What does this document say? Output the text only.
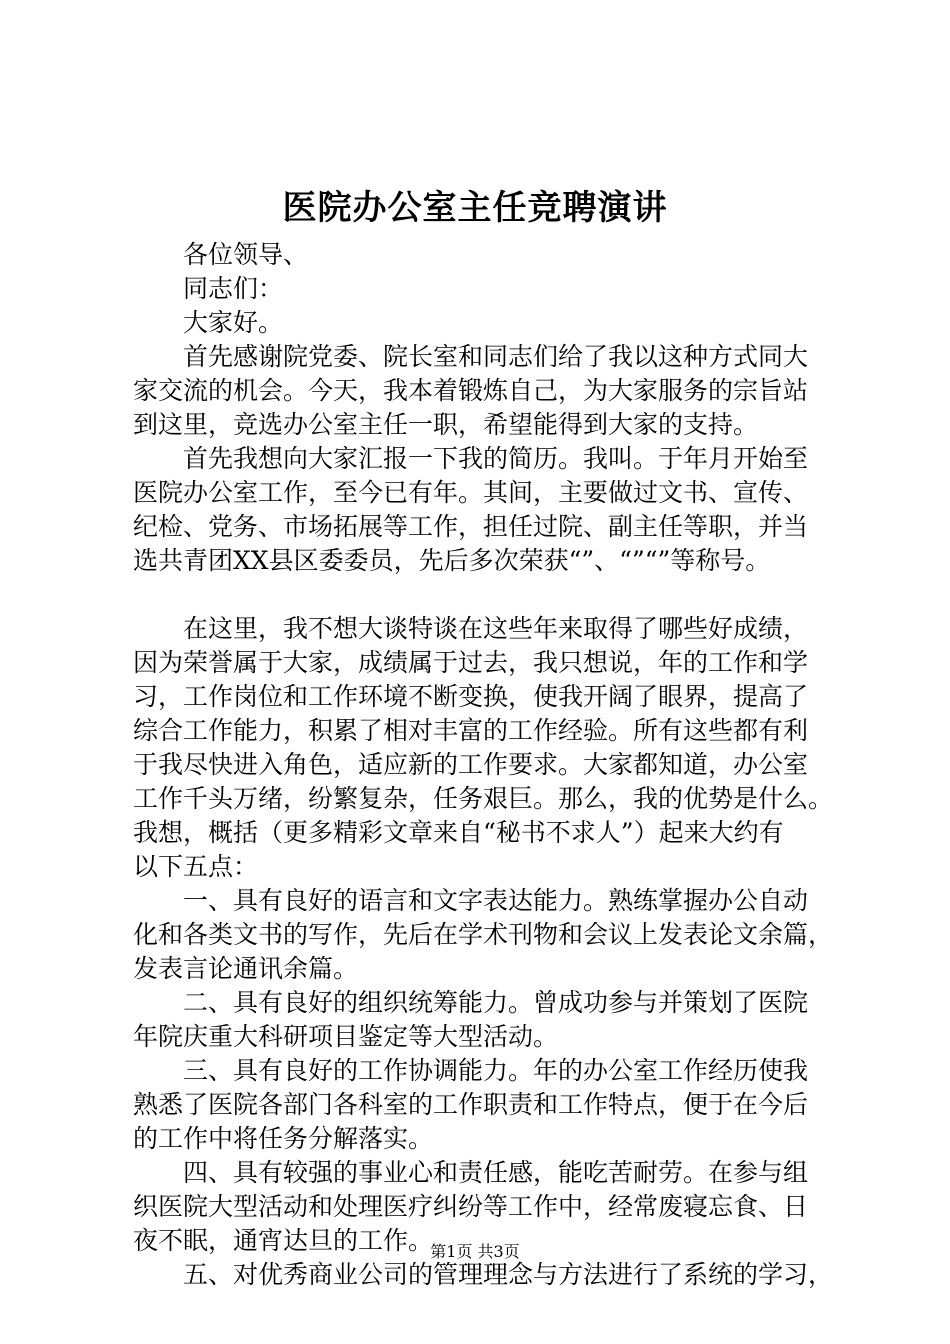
医院办公室主任竞聘演讲
　　各位领导、
　　同志们：
　　大家好。
　　首先感谢院党委、院长室和同志们给了我以这种方式同大
家交流的机会。今天，我本着锻炼自己，为大家服务的宗旨站
到这里，竞选办公室主任一职，希望能得到大家的支持。
　　首先我想向大家汇报一下我的简历。我叫。于年月开始至
医院办公室工作，至今已有年。其间，主要做过文书、宣传、
纪检、党务、市场拓展等工作，担任过院、副主任等职，并当
选共青团XX县区委委员，先后多次荣获“”、“”“”等称号。
　　在这里，我不想大谈特谈在这些年来取得了哪些好成绩，
因为荣誉属于大家，成绩属于过去，我只想说，年的工作和学
习，工作岗位和工作环境不断变换，使我开阔了眼界，提高了
综合工作能力，积累了相对丰富的工作经验。所有这些都有利
于我尽快进入角色，适应新的工作要求。大家都知道，办公室
工作千头万绪，纷繁复杂，任务艰巨。那么，我的优势是什么。
我想，概括（更多精彩文章来自“秘书不求人”）起来大约有
以下五点：
　　一、具有良好的语言和文字表达能力。熟练掌握办公自动
化和各类文书的写作，先后在学术刊物和会议上发表论文余篇，
发表言论通讯余篇。
　　二、具有良好的组织统筹能力。曾成功参与并策划了医院
年院庆重大科研项目鉴定等大型活动。
　　三、具有良好的工作协调能力。年的办公室工作经历使我
熟悉了医院各部门各科室的工作职责和工作特点，便于在今后
的工作中将任务分解落实。
　　四、具有较强的事业心和责任感，能吃苦耐劳。在参与组
织医院大型活动和处理医疗纠纷等工作中，经常废寝忘食、日
夜不眠，通宵达旦的工作。
　　五、对优秀商业公司的管理理念与方法进行了系统的学习，
第1页 共3页
